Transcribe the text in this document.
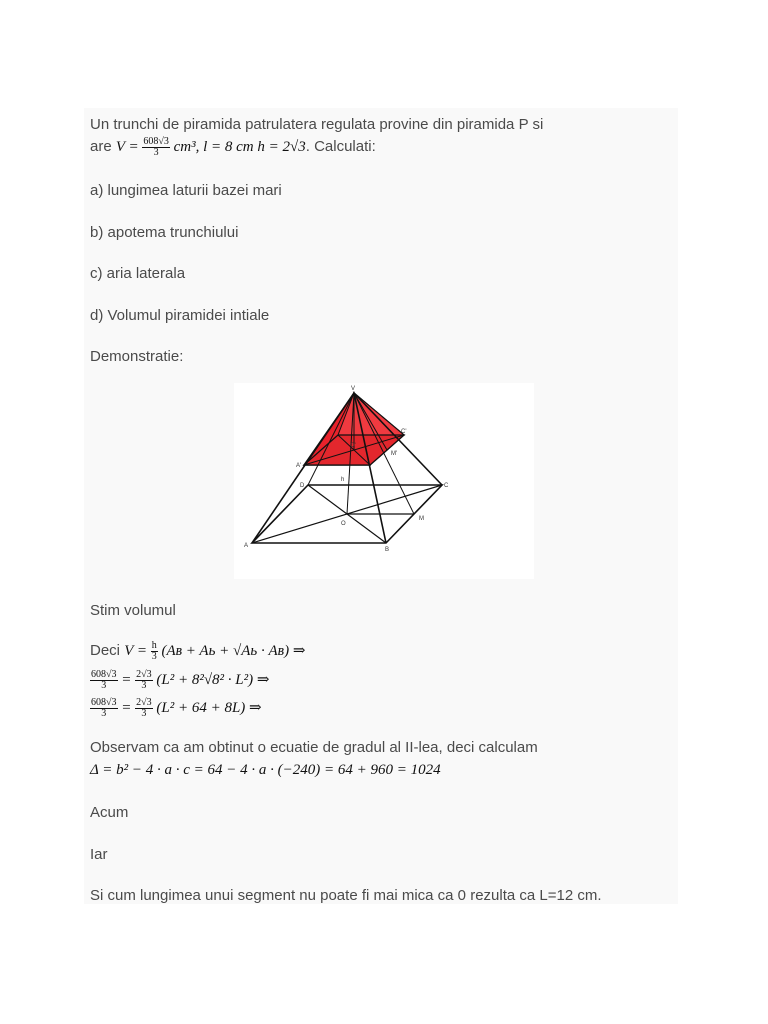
Un trunchi de piramida patrulatera regulata provine din piramida P si
are $V = \frac{608√3}{3} cm^3$, l = 8 cm h = 2√3. Calculati:
a) lungimea laturii bazei mari
b) apotema trunchiului
c) aria laterala
d) Volumul piramidei intiale
Demonstratie:
V
A'
C'
O'
M'
D	C
h
O
M
A
B
Stim volumul
Deci $V = \frac{h}{3}$ (Aʙ + Aь + √Aь · Aʙ) ⇒
$\frac{608√3}{3} = \frac{2√3}{3} (L^2 + 8^2√8^2 \cdot L^2)$ ⇒
$\frac{608√3}{3} = \frac{2√3}{3} (L^2 + 64 + 8L)$ ⇒
Observam ca am obtinut o ecuatie de gradul al II-lea, deci calculam
Δ = b² − 4 · a · c = 64 − 4 · a · (−240) = 64 + 960 = 1024
Acum
Iar
Si cum lungimea unui segment nu poate fi mai mica ca 0 rezulta ca L=12 cm.
